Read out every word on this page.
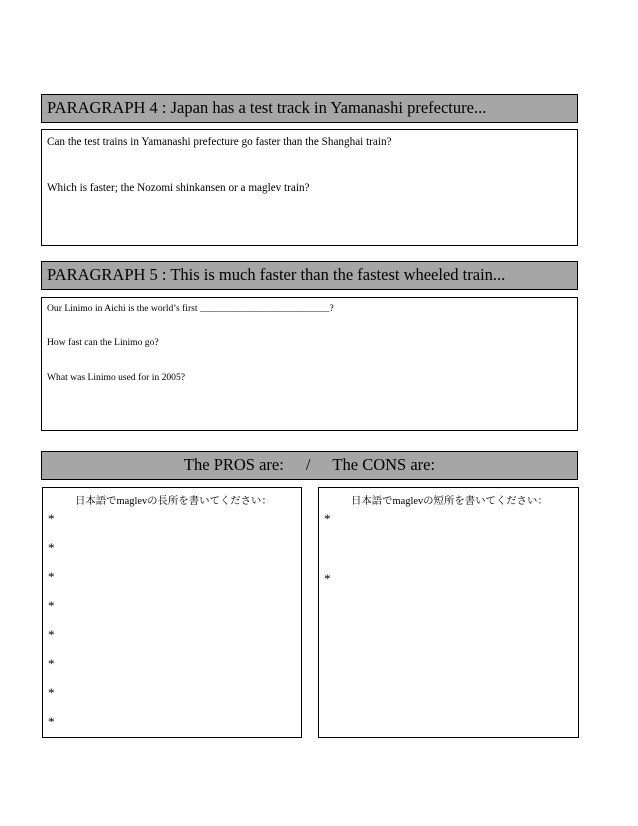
PARAGRAPH 4 : Japan has a test track in Yamanashi prefecture...
Can the test trains in Yamanashi prefecture go faster than the Shanghai train?
Which is faster; the Nozomi shinkansen or a maglev train?
PARAGRAPH 5 : This is much faster than the fastest wheeled train...
Our Linimo in Aichi is the world’s first ___________________________?
How fast can the Linimo go?
What was Linimo used for in 2005?
The PROS are: / The CONS are:
日本語でmaglevの長所を書いてください：
*
*
*
*
*
*
*
*
日本語でmaglevの短所を書いてください：
*
*
